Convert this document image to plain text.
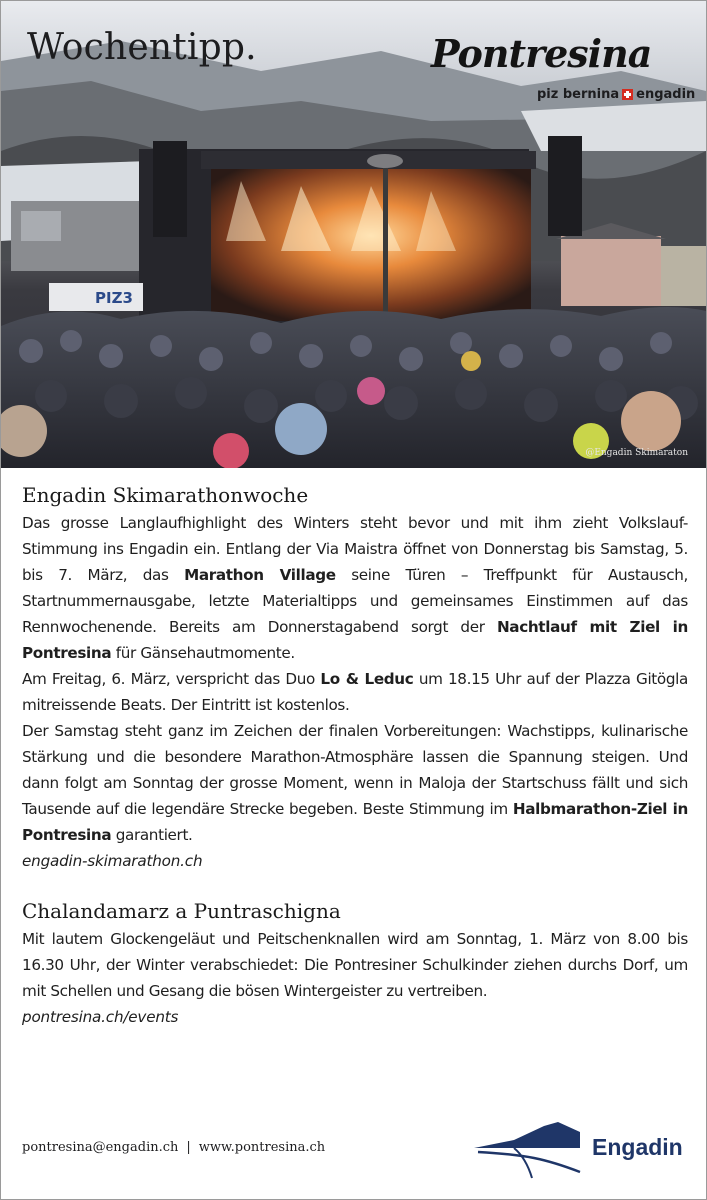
Wochentipp.	Pontresina
piz bernina engadin
PIZ3
@Engadin Skimaraton
Engadin Skimarathonwoche

Das grosse Langlaufhighlight des Winters steht bevor und mit ihm zieht Volkslauf-Stimmung ins Engadin ein. Entlang der Via Maistra öffnet von Donnerstag bis Samstag, 5. bis 7. März, das Marathon Village seine Türen – Treffpunkt für Austausch, Startnummernausgabe, letzte Materialtipps und gemeinsames Einstimmen auf das Rennwochenende. Bereits am Donnerstagabend sorgt der Nachtlauf mit Ziel in Pontresina für Gänsehautmomente.

Am Freitag, 6. März, verspricht das Duo Lo & Leduc um 18.15 Uhr auf der Plazza Gitögla mitreissende Beats. Der Eintritt ist kostenlos.

Der Samstag steht ganz im Zeichen der finalen Vorbereitungen: Wachstipps, kulinarische Stärkung und die besondere Marathon-Atmosphäre lassen die Spannung steigen. Und dann folgt am Sonntag der grosse Moment, wenn in Maloja der Startschuss fällt und sich Tausende auf die legendäre Strecke begeben. Beste Stimmung im Halbmarathon-Ziel in Pontresina garantiert.

engadin-skimarathon.ch

Chalandamarz a Puntraschigna

Mit lautem Glockengeläut und Peitschenknallen wird am Sonntag, 1. März von 8.00 bis 16.30 Uhr, der Winter verabschiedet: Die Pontresiner Schulkinder ziehen durchs Dorf, um mit Schellen und Gesang die bösen Wintergeister zu vertreiben.

pontresina.ch/events

pontresina@engadin.ch | www.pontresina.ch	Engadin
